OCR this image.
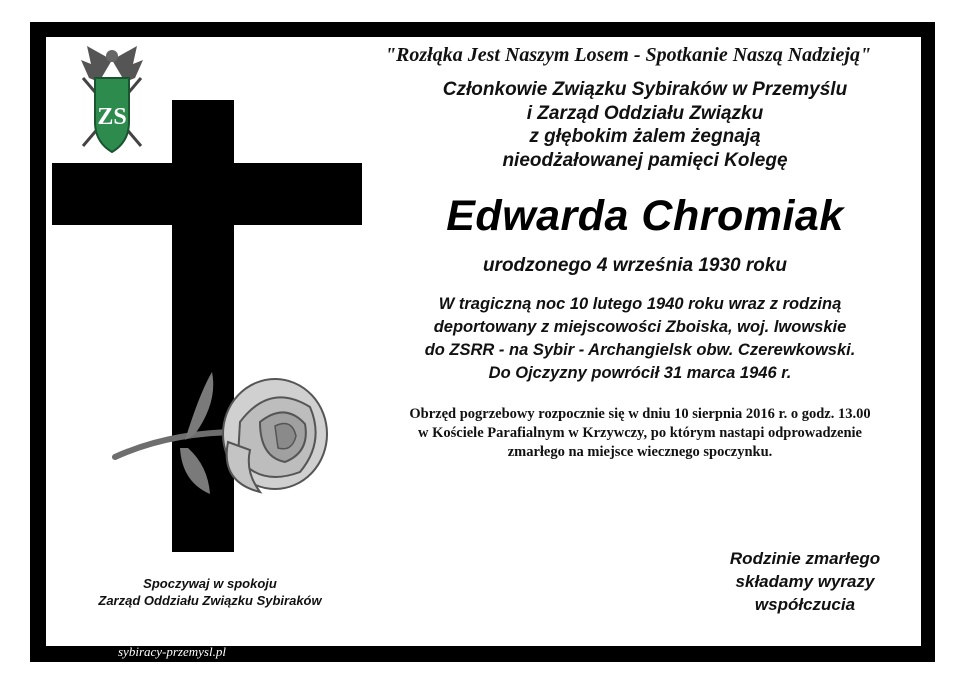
ZS
"Rozłąka Jest Naszym Losem - Spotkanie Naszą Nadzieją"
Członkowie Związku Sybiraków w Przemyślu
i Zarząd Oddziału Związku
z głębokim żalem żegnają
nieodżałowanej pamięci Kolegę
Edwarda Chromiak
urodzonego 4 września 1930 roku
W tragiczną noc 10 lutego 1940 roku wraz z rodziną
deportowany z miejscowości Zboiska, woj. lwowskie
do ZSRR - na Sybir - Archangielsk obw. Czerewkowski.
Do Ojczyzny powrócił 31 marca 1946 r.
Obrzęd pogrzebowy rozpocznie się w dniu 10 sierpnia 2016 r. o godz. 13.00
w Kościele Parafialnym w Krzywczy, po którym nastapi odprowadzenie
zmarłego na miejsce wiecznego spoczynku.
Rodzinie zmarłego
składamy wyrazy
współczucia
Spoczywaj w spokoju
Zarząd Oddziału Związku Sybiraków
sybiracy-przemysl.pl
